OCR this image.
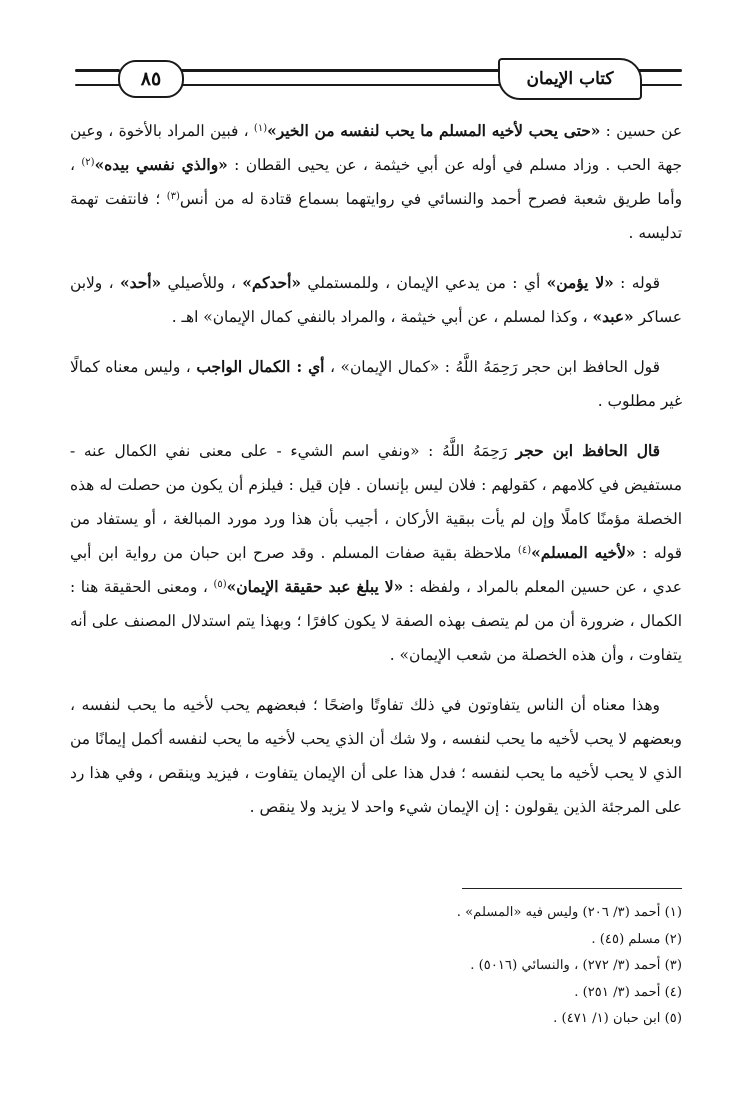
٨٥	كتاب الإيمان

عن حسين : «حتى يحب لأخيه المسلم ما يحب لنفسه من الخير»$^{(١)}$ ، فبين المراد بالأخوة ، وعين جهة الحب . وزاد مسلم في أوله عن أبي خيثمة ، عن يحيى القطان : «والذي نفسي بيده»$^{(٢)}$ ، وأما طريق شعبة فصرح أحمد والنسائي في روايتهما بسماع قتادة له من أنس$^{(٣)}$ ؛ فانتفت تهمة تدليسه .

قوله : «لا يؤمن» أي : من يدعي الإيمان ، وللمستملي «أحدكم» ، وللأصيلي «أحد» ، ولابن عساكر «عبد» ، وكذا لمسلم ، عن أبي خيثمة ، والمراد بالنفي كمال الإيمان» اهـ .

قول الحافظ ابن حجر رَحِمَهُ اللَّهُ : «كمال الإيمان» ، أي : الكمال الواجب ، وليس معناه كمالًا غير مطلوب .

قال الحافظ ابن حجر رَحِمَهُ اللَّهُ : «ونفي اسم الشيء - على معنى نفي الكمال عنه - مستفيض في كلامهم ، كقولهم : فلان ليس بإنسان . فإن قيل : فيلزم أن يكون من حصلت له هذه الخصلة مؤمنًا كاملًا وإن لم يأت ببقية الأركان ، أجيب بأن هذا ورد مورد المبالغة ، أو يستفاد من قوله : «لأخيه المسلم»$^{(٤)}$ ملاحظة بقية صفات المسلم . وقد صرح ابن حبان من رواية ابن أبي عدي ، عن حسين المعلم بالمراد ، ولفظه : «لا يبلغ عبد حقيقة الإيمان»$^{(٥)}$ ، ومعنى الحقيقة هنا : الكمال ، ضرورة أن من لم يتصف بهذه الصفة لا يكون كافرًا ؛ وبهذا يتم استدلال المصنف على أنه يتفاوت ، وأن هذه الخصلة من شعب الإيمان» .

وهذا معناه أن الناس يتفاوتون في ذلك تفاوتًا واضحًا ؛ فبعضهم يحب لأخيه ما يحب لنفسه ، وبعضهم لا يحب لأخيه ما يحب لنفسه ، ولا شك أن الذي يحب لأخيه ما يحب لنفسه أكمل إيمانًا من الذي لا يحب لأخيه ما يحب لنفسه ؛ فدل هذا على أن الإيمان يتفاوت ، فيزيد وينقص ، وفي هذا رد على المرجئة الذين يقولون : إن الإيمان شيء واحد لا يزيد ولا ينقص .

(١) أحمد (٣/ ٢٠٦) وليس فيه «المسلم» .
(٢) مسلم (٤٥) .
(٣) أحمد (٣/ ٢٧٢) ، والنسائي (٥٠١٦) .
(٤) أحمد (٣/ ٢٥١) .
(٥) ابن حبان (١/ ٤٧١) .
